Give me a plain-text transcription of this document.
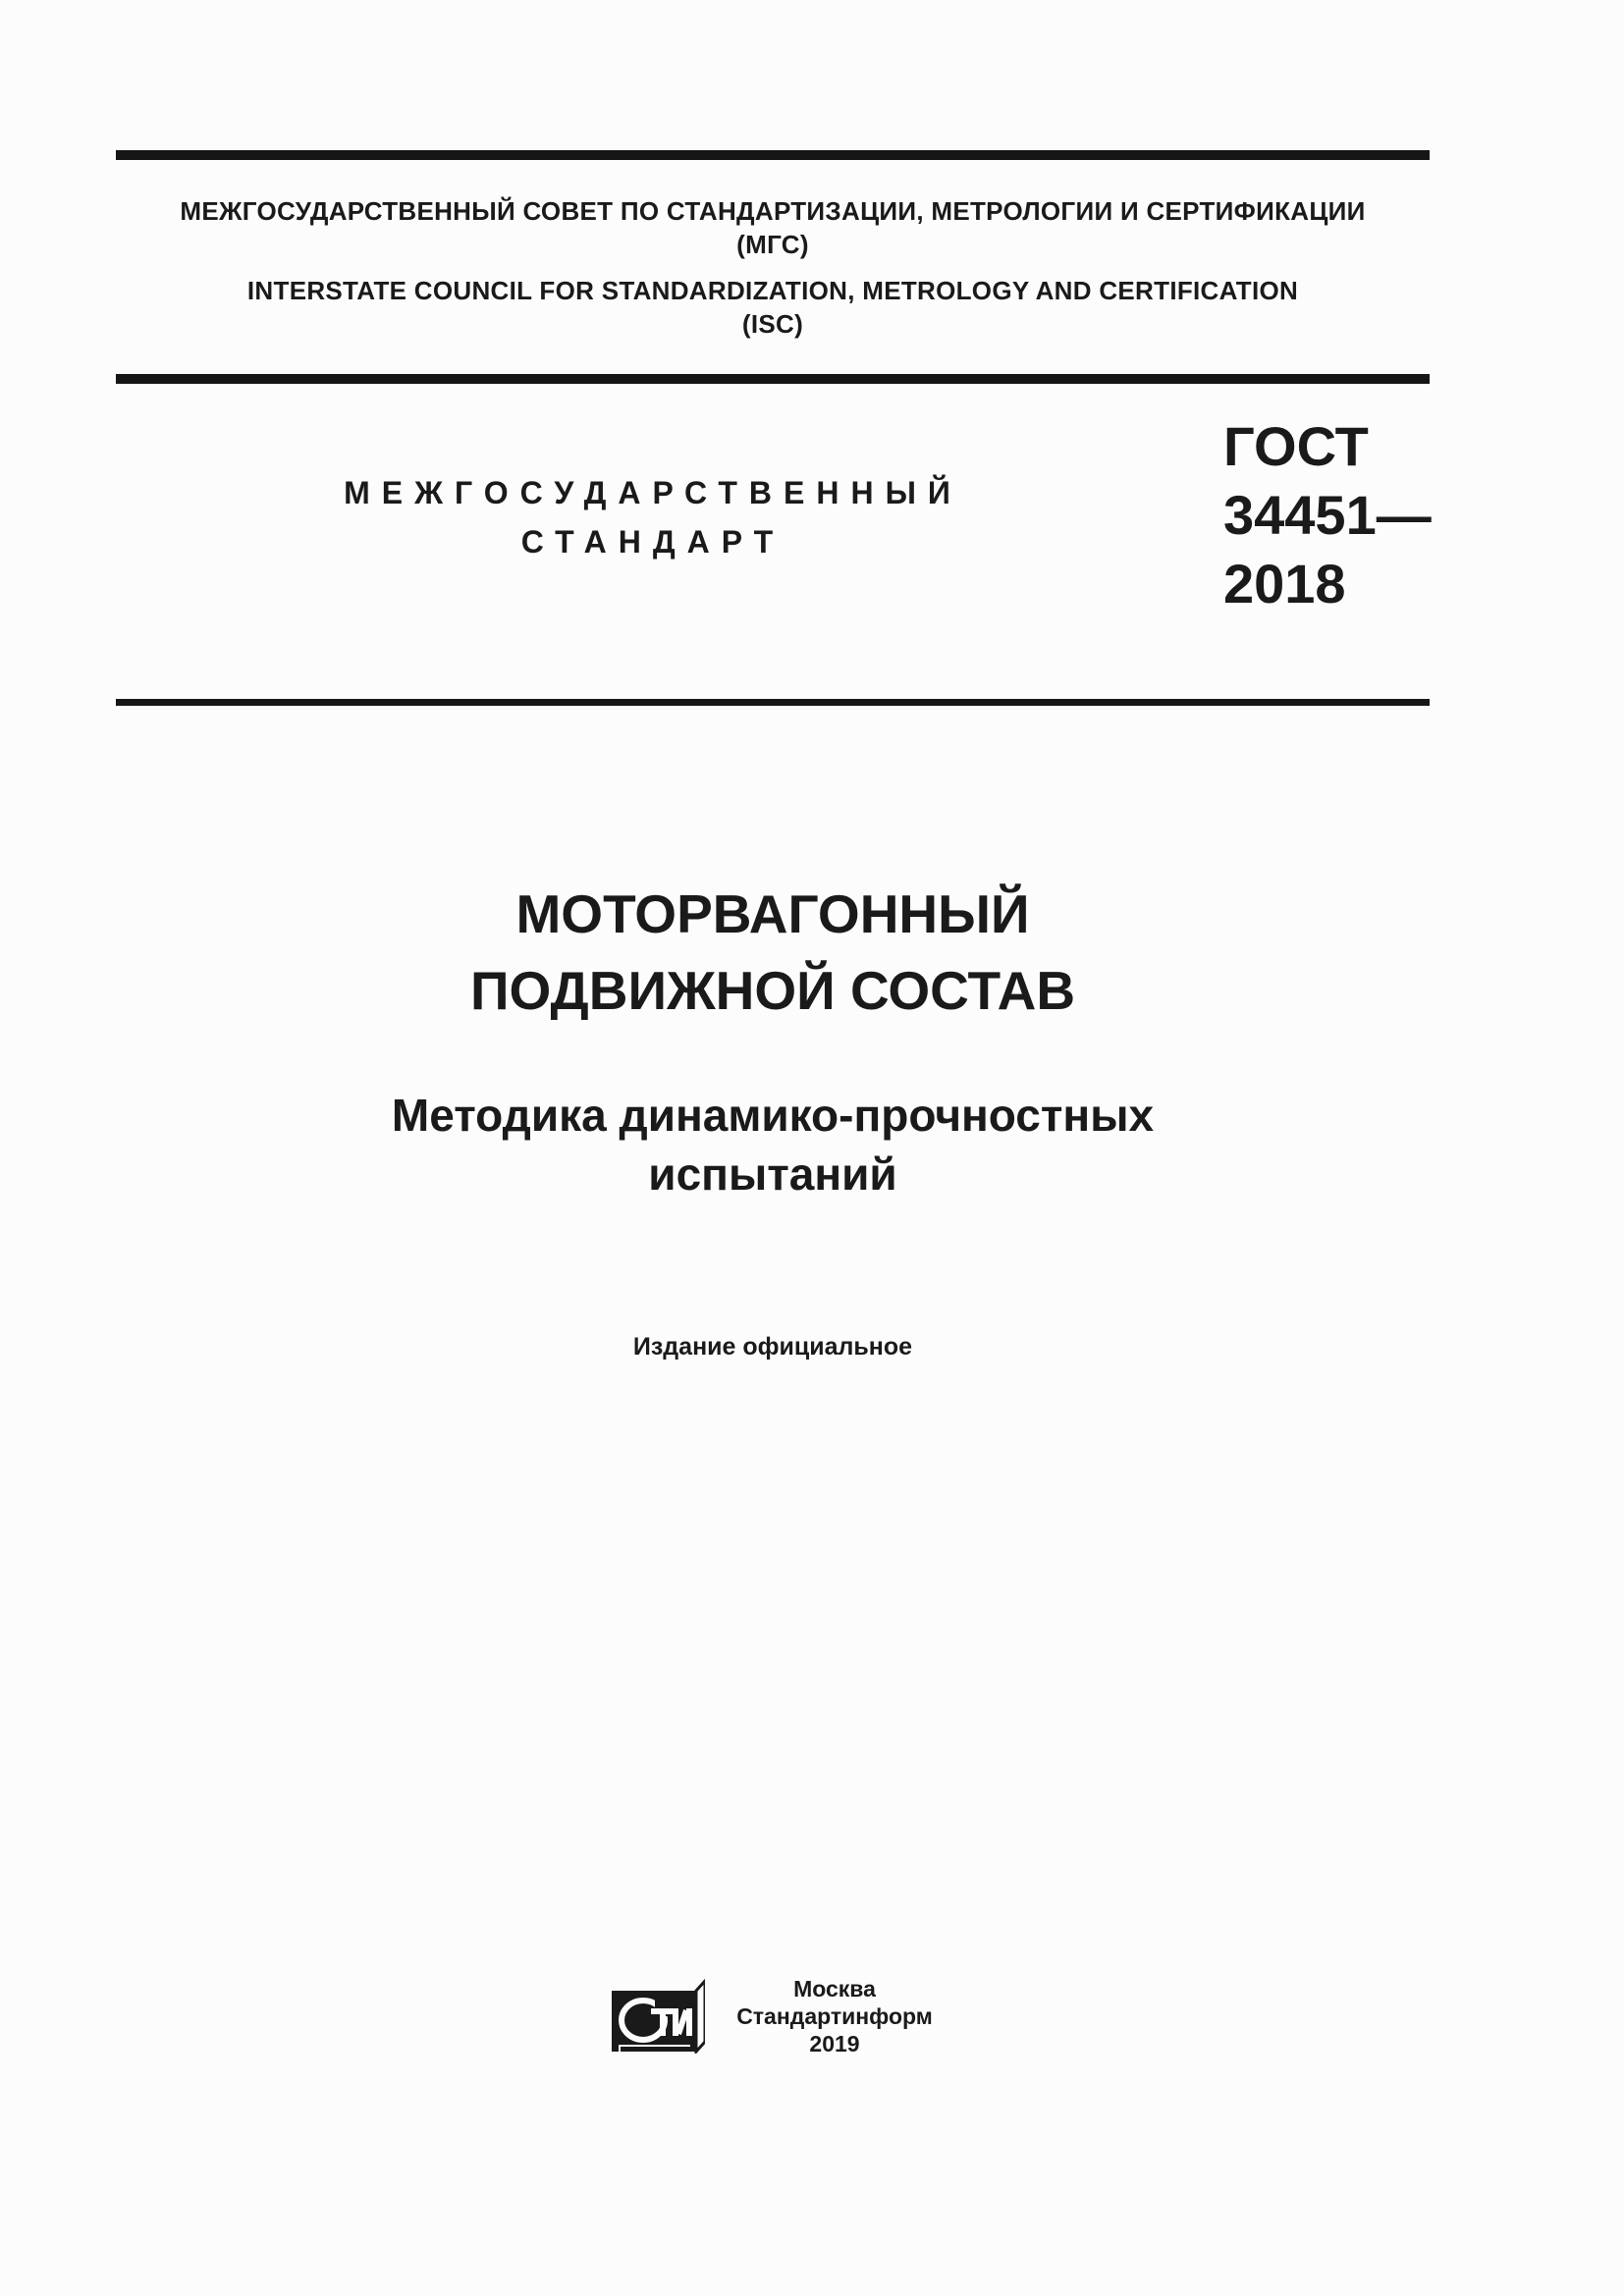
МЕЖГОСУДАРСТВЕННЫЙ СОВЕТ ПО СТАНДАРТИЗАЦИИ, МЕТРОЛОГИИ И СЕРТИФИКАЦИИ
(МГС)
INTERSTATE COUNCIL FOR STANDARDIZATION, METROLOGY AND CERTIFICATION
(ISC)
МЕЖГОСУДАРСТВЕННЫЙ
СТАНДАРТ
ГОСТ
34451—
2018
МОТОРВАГОННЫЙ
ПОДВИЖНОЙ СОСТАВ
Методика динамико-прочностных
испытаний
Издание официальное
Москва
Стандартинформ
2019
